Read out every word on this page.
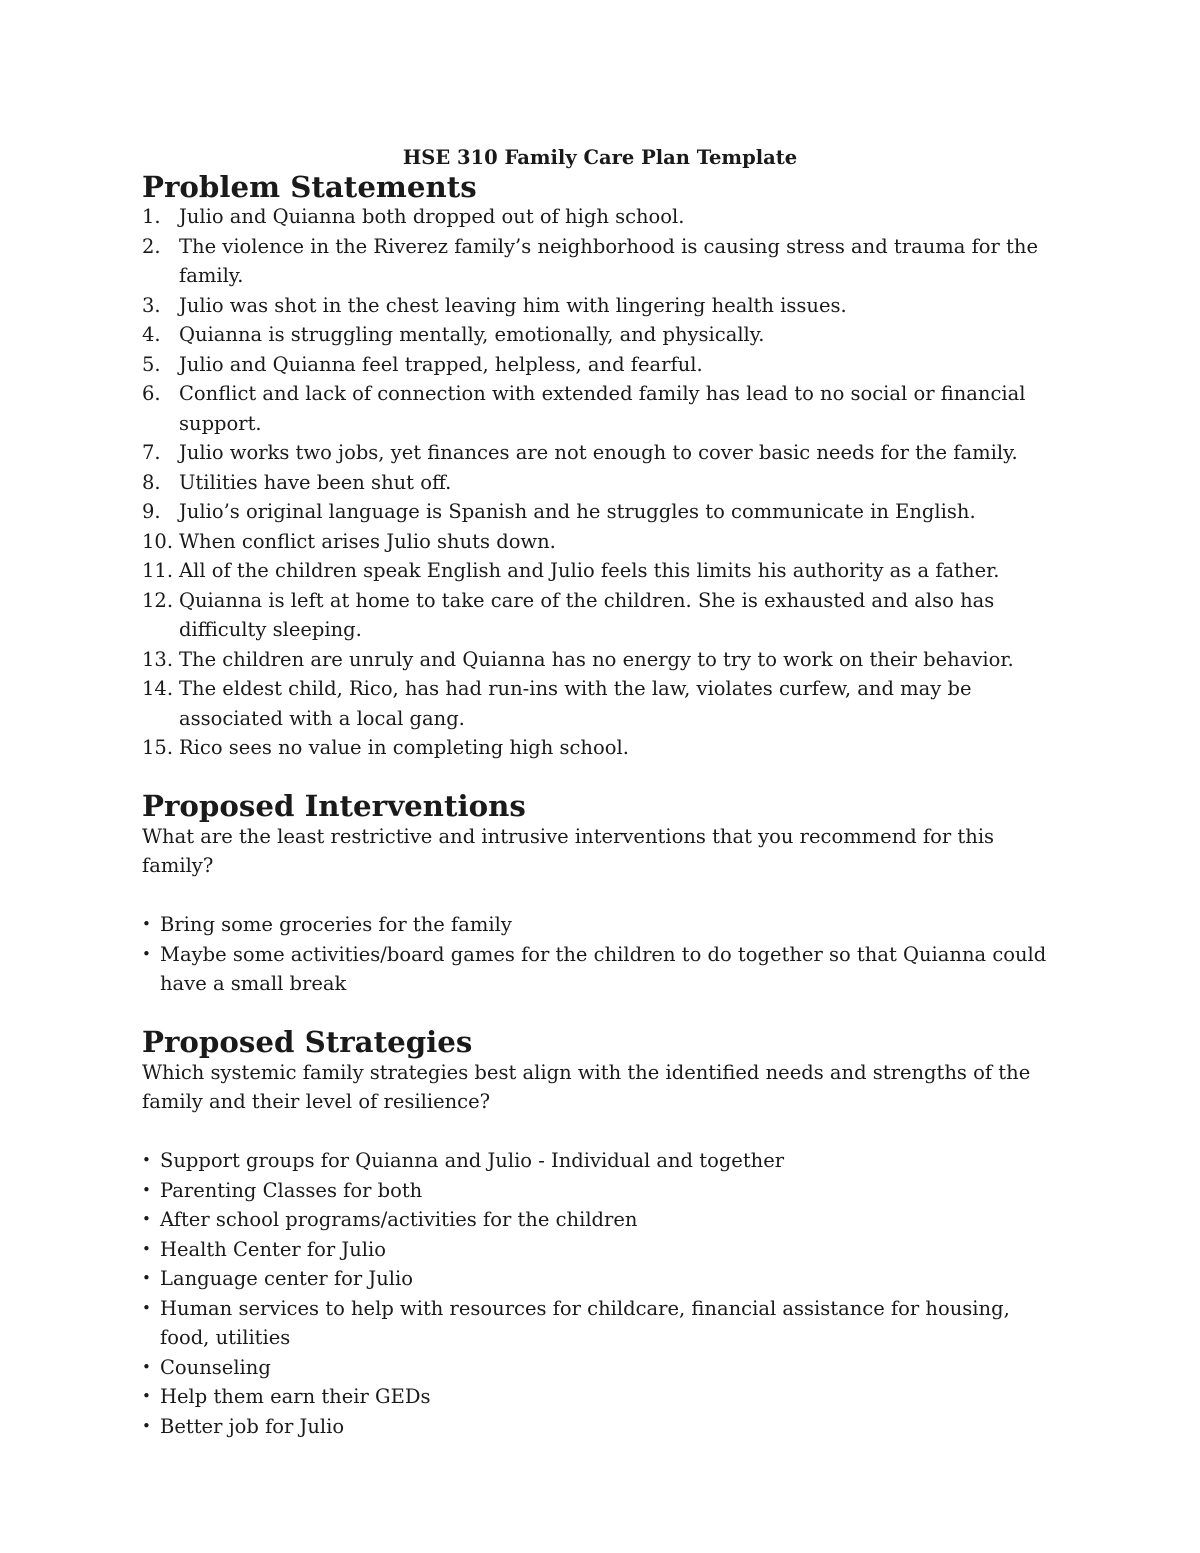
HSE 310 Family Care Plan Template
Problem Statements
1. Julio and Quianna both dropped out of high school.
2. The violence in the Riverez family’s neighborhood is causing stress and trauma for the family.
3. Julio was shot in the chest leaving him with lingering health issues.
4. Quianna is struggling mentally, emotionally, and physically.
5. Julio and Quianna feel trapped, helpless, and fearful.
6. Conflict and lack of connection with extended family has lead to no social or financial support.
7. Julio works two jobs, yet finances are not enough to cover basic needs for the family.
8. Utilities have been shut off.
9. Julio’s original language is Spanish and he struggles to communicate in English.
10. When conflict arises Julio shuts down.
11. All of the children speak English and Julio feels this limits his authority as a father.
12. Quianna is left at home to take care of the children. She is exhausted and also has difficulty sleeping.
13. The children are unruly and Quianna has no energy to try to work on their behavior.
14. The eldest child, Rico, has had run-ins with the law, violates curfew, and may be associated with a local gang.
15. Rico sees no value in completing high school.
Proposed Interventions

What are the least restrictive and intrusive interventions that you recommend for this family?

• Bring some groceries for the family
• Maybe some activities/board games for the children to do together so that Quianna could have a small break
Proposed Strategies

Which systemic family strategies best align with the identified needs and strengths of the family and their level of resilience?

• Support groups for Quianna and Julio - Individual and together
• Parenting Classes for both
• After school programs/activities for the children
• Health Center for Julio
• Language center for Julio
• Human services to help with resources for childcare, financial assistance for housing, food, utilities
• Counseling
• Help them earn their GEDs
• Better job for Julio
